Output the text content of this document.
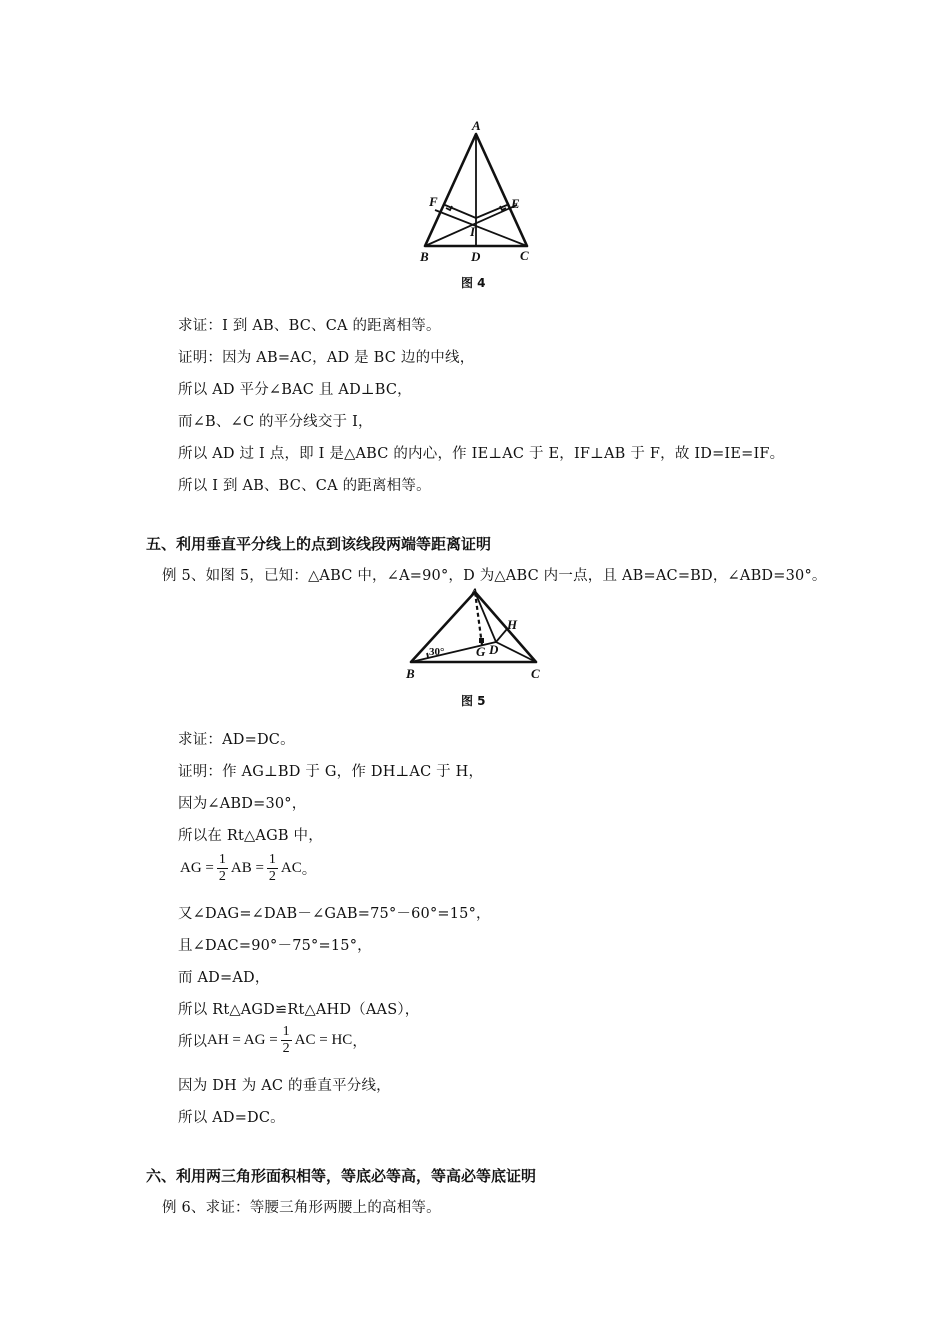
A
F	E
I
B	D	C
图 4
求证：I 到 AB、BC、CA 的距离相等。
证明：因为 AB=AC，AD 是 BC 边的中线，
所以 AD 平分∠BAC 且 AD⊥BC，
而∠B、∠C 的平分线交于 I，
所以 AD 过 I 点，即 I 是△ABC 的内心，作 IE⊥AC 于 E，IF⊥AB 于 F，故 ID=IE=IF。
所以 I 到 AB、BC、CA 的距离相等。
五、利用垂直平分线上的点到该线段两端等距离证明
例 5、如图 5，已知：△ABC 中，∠A=90°，D 为△ABC 内一点，且 AB=AC=BD，∠ABD=30°。
A
H
G D
30°
B	C
图 5
求证：AD=DC。
证明：作 AG⊥BD 于 G，作 DH⊥AC 于 H，
因为∠ABD=30°，
所以在 Rt△AGB 中，
AG = $\frac{1}{2}$ AB = $\frac{1}{2}$ AC 。
又∠DAG=∠DAB－∠GAB=75°－60°=15°，
且∠DAC=90°－75°=15°，
而 AD=AD，
所以 Rt△AGD≌Rt△AHD（AAS），
所以 AH = AG = $\frac{1}{2}$ AC = HC ，
因为 DH 为 AC 的垂直平分线，
所以 AD=DC。
六、利用两三角形面积相等，等底必等高，等高必等底证明
例 6、求证：等腰三角形两腰上的高相等。
